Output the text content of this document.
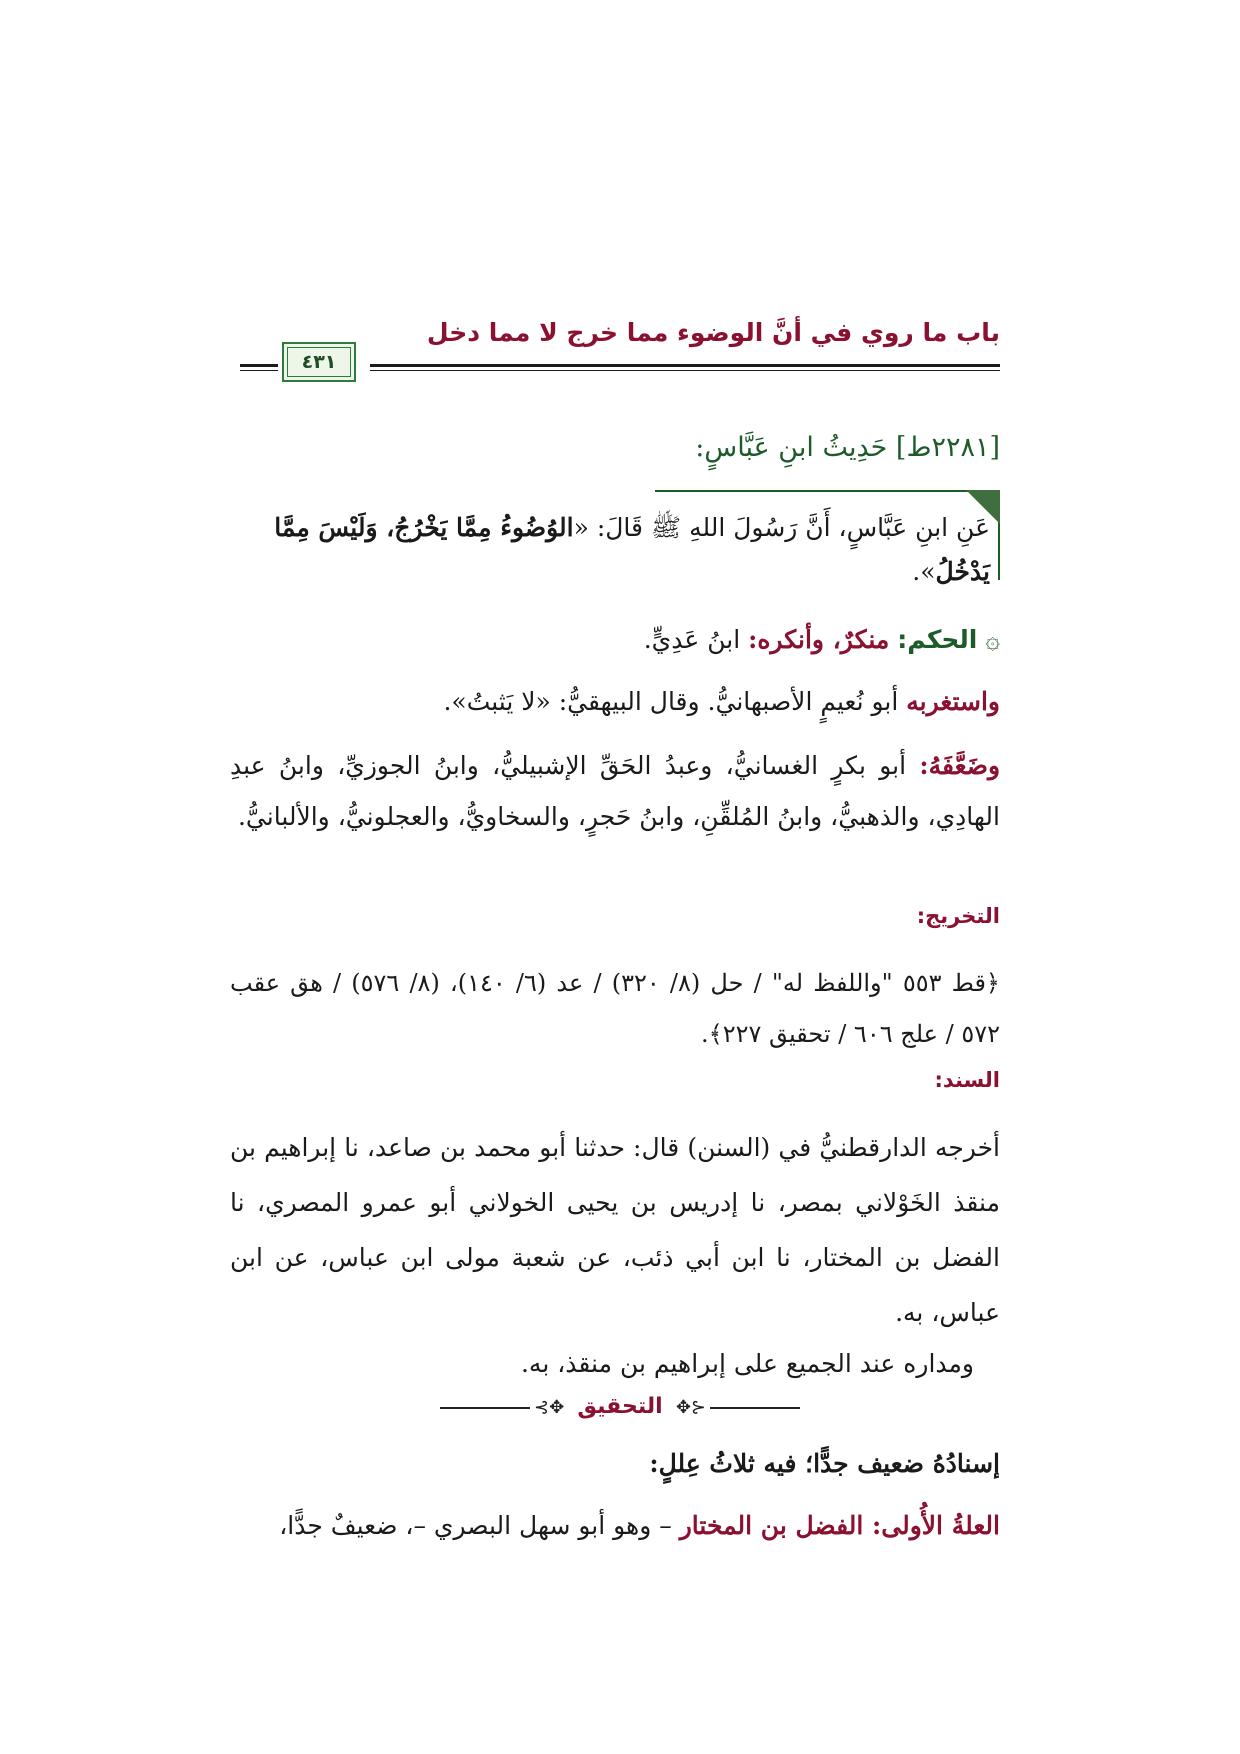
باب ما روي في أنَّ الوضوء مما خرج لا مما دخل
٤٣١
[٢٢٨١ط] حَدِيثُ ابنِ عَبَّاسٍ:
عَنِ ابنِ عَبَّاسٍ، أَنَّ رَسُولَ اللهِ ﷺ قَالَ: «الوُضُوءُ مِمَّا يَخْرُجُ، وَلَيْسَ مِمَّا يَدْخُلُ».
۞ الحكم: منكرٌ، وأنكره: ابنُ عَدِيٍّ.
واستغربه أبو نُعيمٍ الأصبهانيُّ. وقال البيهقيُّ: «لا يَثبتُ».
وضَعَّفَهُ: أبو بكرٍ الغسانيُّ، وعبدُ الحَقِّ الإشبيليُّ، وابنُ الجوزيِّ، وابنُ عبدِ الهادِي، والذهبيُّ، وابنُ المُلقِّنِ، وابنُ حَجرٍ، والسخاويُّ، والعجلونيُّ، والألبانيُّ.
التخريج:
﴿قط ٥٥٣ "واللفظ له" / حل (٨/ ٣٢٠) / عد (٦/ ١٤٠)، (٨/ ٥٧٦) / هق عقب ٥٧٢ / علج ٦٠٦ / تحقيق ٢٢٧﴾.
السند:
أخرجه الدارقطنيُّ في (السنن) قال: حدثنا أبو محمد بن صاعد، نا إبراهيم بن منقذ الخَوْلاني بمصر، نا إدريس بن يحيى الخولاني أبو عمرو المصري، نا الفضل بن المختار، نا ابن أبي ذئب، عن شعبة مولى ابن عباس، عن ابن عباس، به.
ومداره عند الجميع على إبراهيم بن منقذ، به.
⊰✥	✥⊱
التحقيق
إسنادُهُ ضعيف جدًّا؛ فيه ثلاثُ عِللٍ:
العلةُ الأُولى: الفضل بن المختار – وهو أبو سهل البصري –، ضعيفٌ جدًّا،
